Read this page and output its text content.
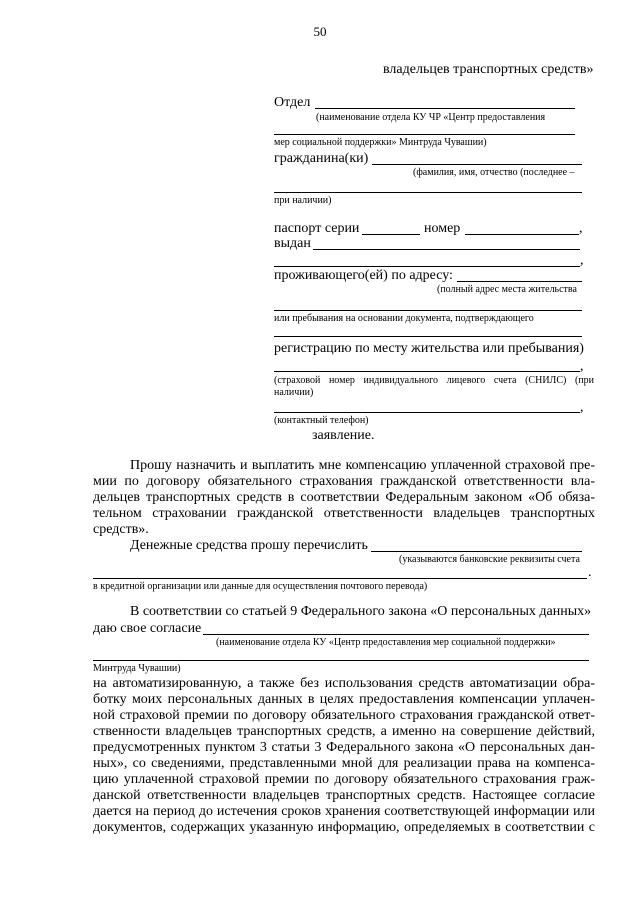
50
владельцев транспортных средств»
Отдел
(наименование отдела КУ ЧР «Центр предоставления
мер социальной поддержки» Минтруда Чувашии)
гражданина(ки)
(фамилия, имя, отчество (последнее –
при наличии)
паспорт серии	номер	,
выдан
,
проживающего(ей) по адресу:
(полный адрес места жительства
или пребывания на основании документа, подтверждающего
регистрацию по месту жительства или пребывания)
,
(страховой номер индивидуального лицевого счета (СНИЛС) (при наличии)
,
(контактный телефон)
заявление.
Прошу назначить и выплатить мне компенсацию уплаченной страховой пре-
мии по договору обязательного страхования гражданской ответственности вла-
дельцев транспортных средств в соответствии Федеральным законом «Об обяза-
тельном страховании гражданской ответственности владельцев транспортных
средств».
Денежные средства прошу перечислить
(указываются банковские реквизиты счета
.
в кредитной организации или данные для осуществления почтового перевода)
В соответствии со статьей 9 Федерального закона «О персональных данных»
даю свое согласие
(наименование отдела КУ «Центр предоставления мер социальной поддержки»
Минтруда Чувашии)
на автоматизированную, а также без использования средств автоматизации обра-
ботку моих персональных данных в целях предоставления компенсации уплачен-
ной страховой премии по договору обязательного страхования гражданской ответ-
ственности владельцев транспортных средств, а именно на совершение действий,
предусмотренных пунктом 3 статьи 3 Федерального закона «О персональных дан-
ных», со сведениями, представленными мной для реализации права на компенса-
цию уплаченной страховой премии по договору обязательного страхования граж-
данской ответственности владельцев транспортных средств. Настоящее согласие
дается на период до истечения сроков хранения соответствующей информации или
документов, содержащих указанную информацию, определяемых в соответствии с
